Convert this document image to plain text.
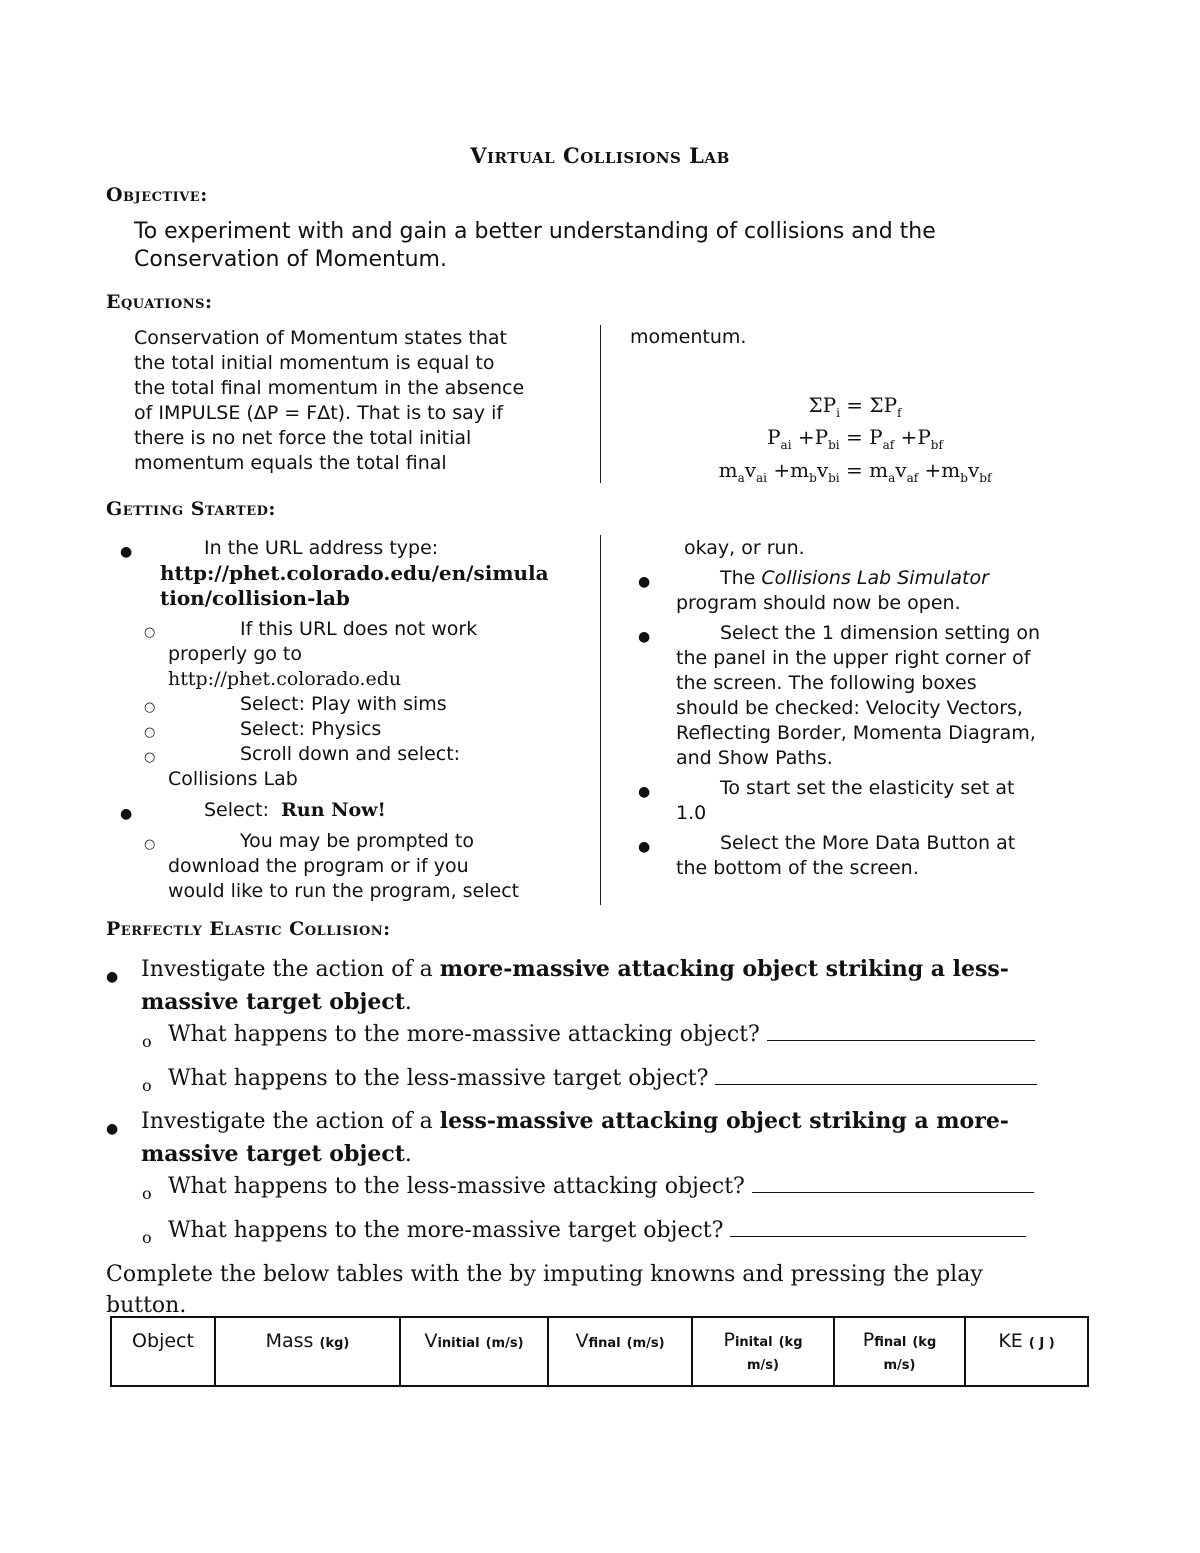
Virtual Collisions Lab
Objective:
To experiment with and gain a better understanding of collisions and the
Conservation of Momentum.
Equations:
Conservation of Momentum states that
the total initial momentum is equal to
the total final momentum in the absence
of IMPULSE (ΔP = FΔt). That is to say if
there is no net force the total initial
momentum equals the total final
momentum.
$\Sigma P_i = \Sigma P_f$
$P_{ai} +P_{bi} = P_{af} +P_{bf}$
$m_av_{ai} +m_bv_{bi} = m_av_{af} +m_bv_{bf}$
Getting Started:
●	In the URL address type:
http://phet.colorado.edu/en/simula
tion/collision-lab
○	If this URL does not work
properly go to
http://phet.colorado.edu
○	Select: Play with sims
○	Select: Physics
○	Scroll down and select:
Collisions Lab
●	Select:  Run Now!
○	You may be prompted to
download the program or if you
would like to run the program, select
okay, or run.
●	The Collisions Lab Simulator
program should now be open.
●	Select the 1 dimension setting on
the panel in the upper right corner of
the screen. The following boxes
should be checked: Velocity Vectors,
Reflecting Border, Momenta Diagram,
and Show Paths.
●	To start set the elasticity set at
1.0
●	Select the More Data Button at
the bottom of the screen.
Perfectly Elastic Collision:
●	Investigate the action of a more-massive attacking object striking a less-
massive target object.
o What happens to the more-massive attacking object?
o What happens to the less-massive target object?
●	Investigate the action of a less-massive attacking object striking a more-
massive target object.
o What happens to the less-massive attacking object?
o What happens to the more-massive target object?
Complete the below tables with the by imputing knowns and pressing the play
button.
Object	Mass (kg)	Vinitial (m/s)	Vfinal (m/s)	Pinital (kg
m/s)	Pfinal (kg
m/s)	KE ( J )
